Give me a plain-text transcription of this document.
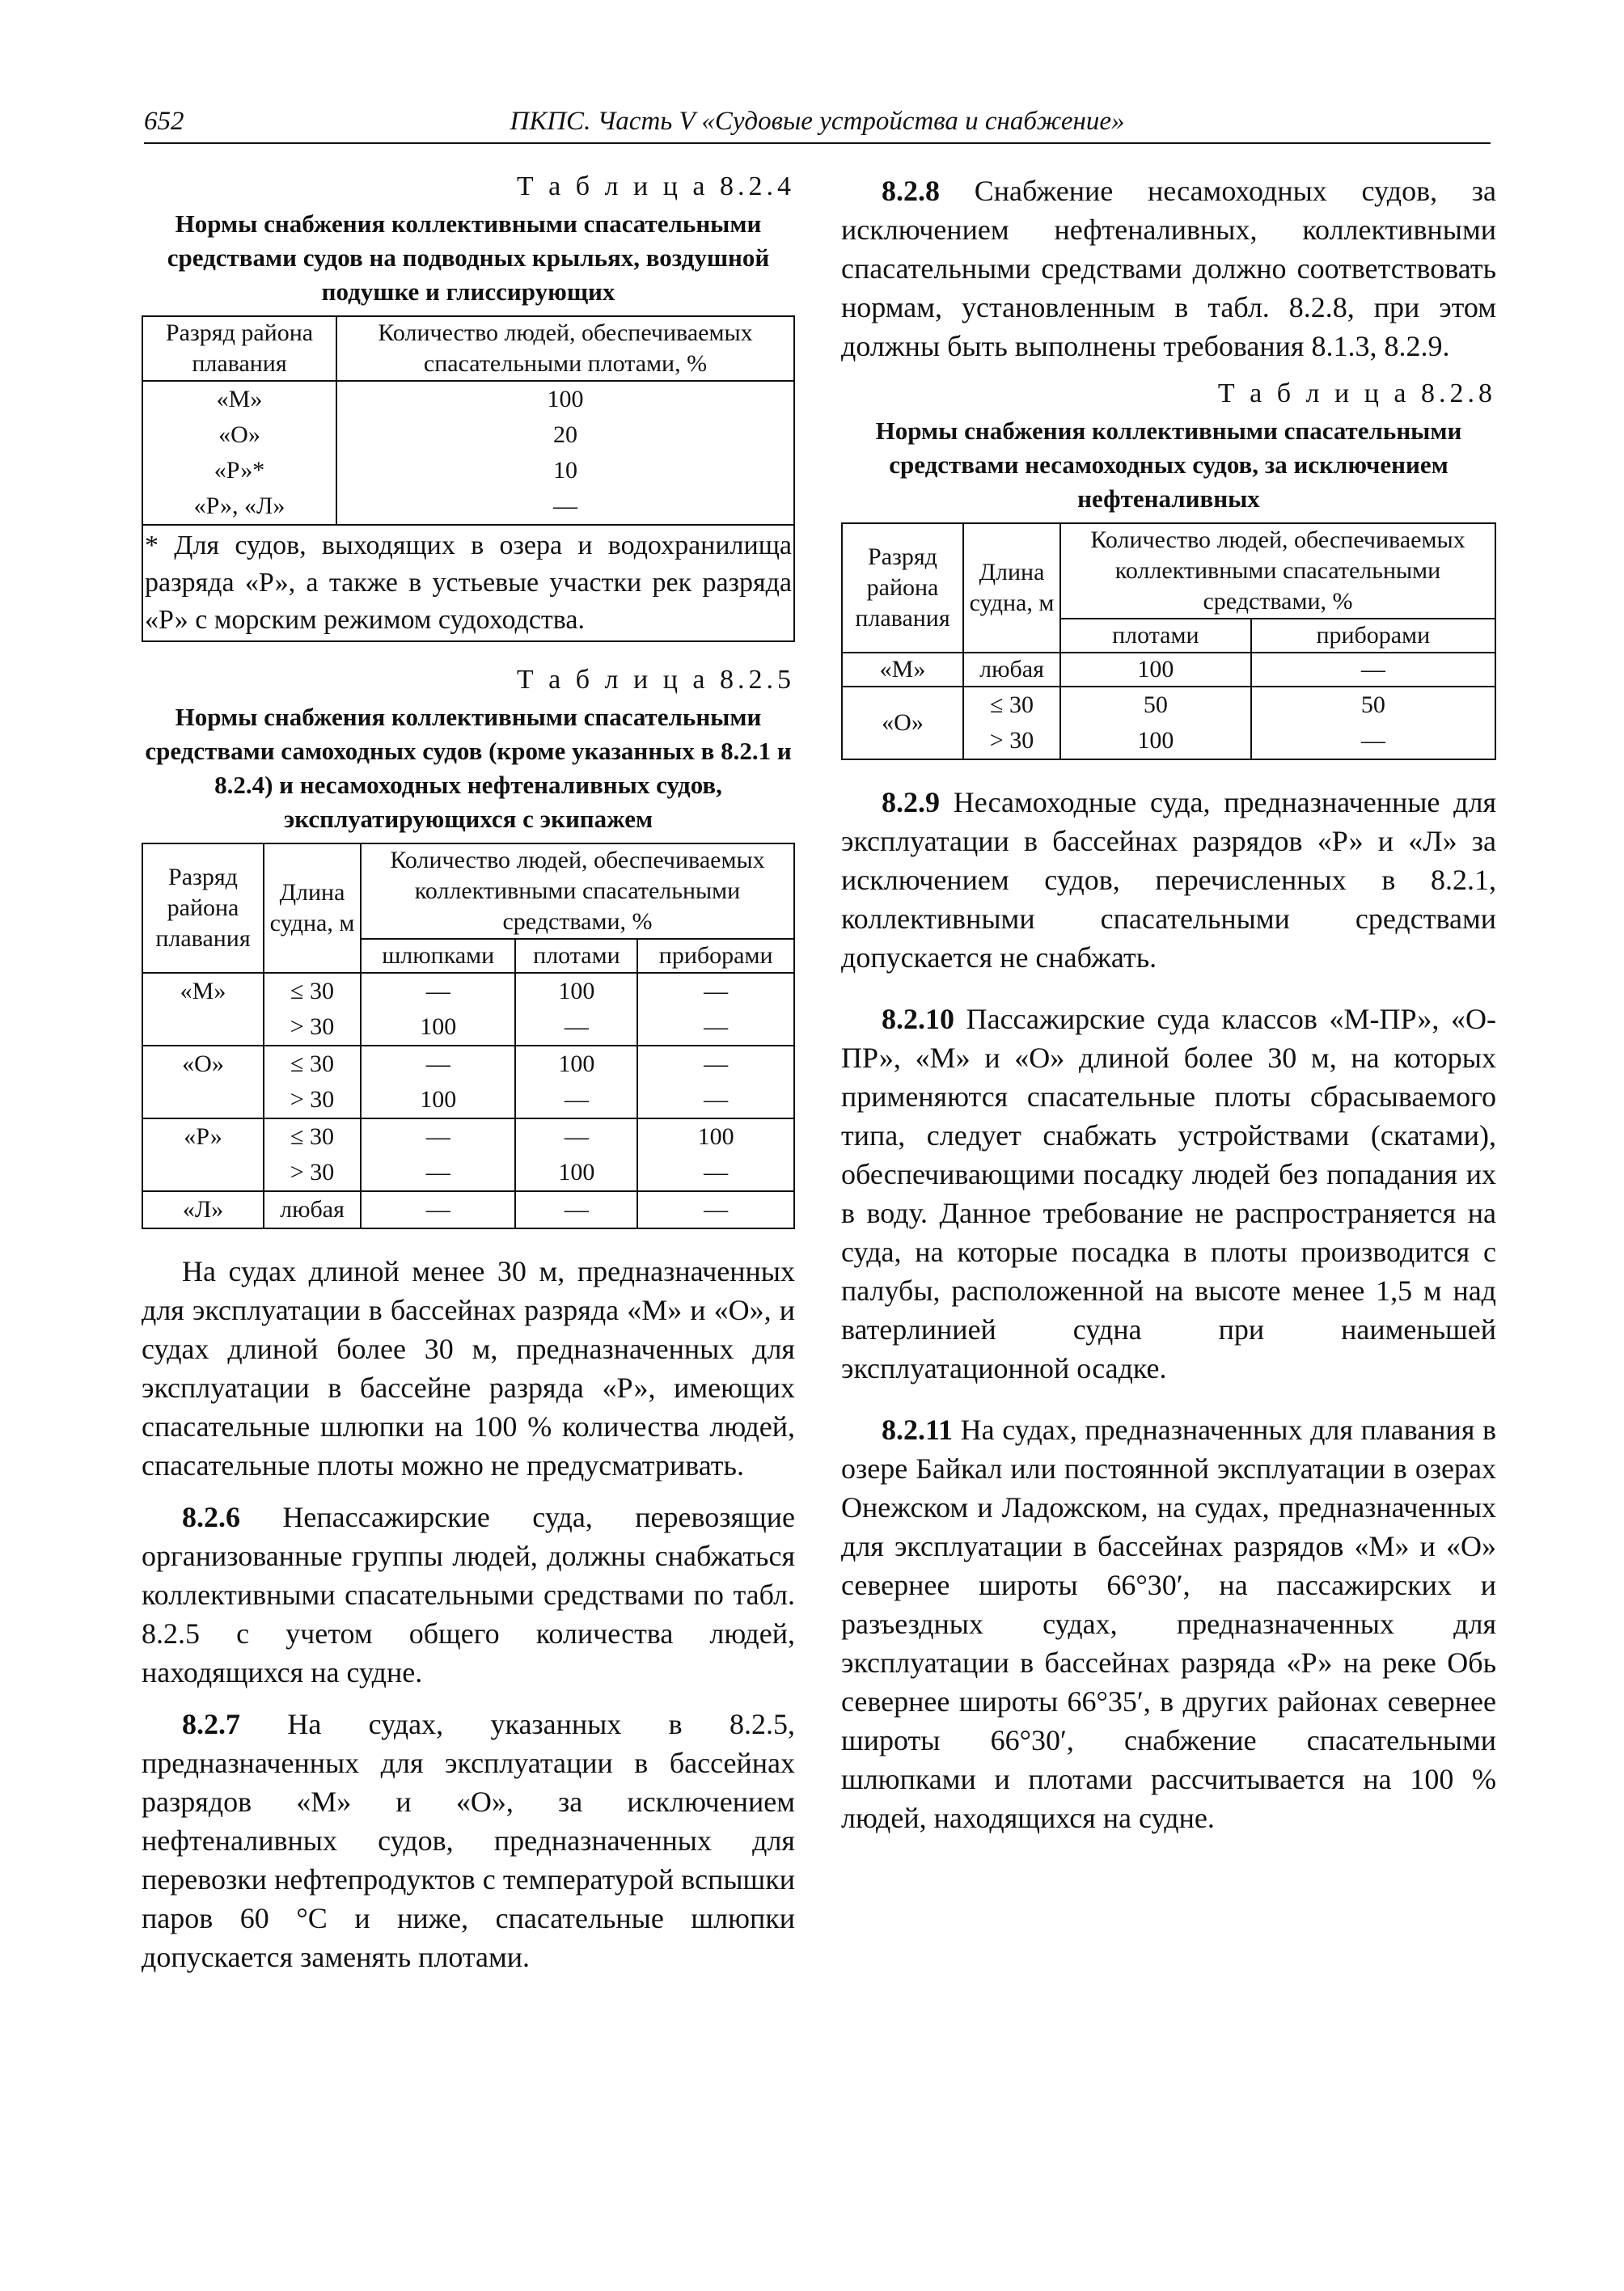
652	ПКПС. Часть V «Судовые устройства и снабжение»
Т а б л и ц а 8.2.4
Нормы снабжения коллективными спасательными средствами судов на подводных крыльях, воздушной подушке и глиссирующих
Разряд района плавания	Количество людей, обеспечиваемых спасательными плотами, %
«М»	100
«О»	20
«Р»*	10
«Р», «Л»	—
* Для судов, выходящих в озера и водохранилища разряда «Р», а также в устьевые участки рек разряда «Р» с морским режимом судоходства.	
Т а б л и ц а 8.2.5
Нормы снабжения коллективными спасательными средствами самоходных судов (кроме указанных в 8.2.1 и 8.2.4) и несамоходных нефтеналивных судов, эксплуатирующихся с экипажем
Разряд района плавания	Длина судна, м	Количество людей, обеспечиваемых коллективными спасательными средствами, %		
		шлюпками	плотами	приборами
«М»	≤ 30	—	100	—
	> 30	100	—	—
«О»	≤ 30	—	100	—
	> 30	100	—	—
«Р»	≤ 30	—	—	100
	> 30	—	100	—
«Л»	любая	—	—	—

На судах длиной менее 30 м, предназначенных для эксплуатации в бассейнах разряда «М» и «О», и судах длиной более 30 м, предназначенных для эксплуатации в бассейне разряда «Р», имеющих спасательные шлюпки на 100 % количества людей, спасательные плоты можно не предусматривать.

8.2.6 Непассажирские суда, перевозящие организованные группы людей, должны снабжаться коллективными спасательными средствами по табл. 8.2.5 с учетом общего количества людей, находящихся на судне.

8.2.7 На судах, указанных в 8.2.5, предназначенных для эксплуатации в бассейнах разрядов «М» и «О», за исключением нефтеналивных судов, предназначенных для перевозки нефтепродуктов с температурой вспышки паров 60 °С и ниже, спасательные шлюпки допускается заменять плотами.

8.2.8 Снабжение несамоходных судов, за исключением нефтеналивных, коллективными спасательными средствами должно соответствовать нормам, установленным в табл. 8.2.8, при этом должны быть выполнены требования 8.1.3, 8.2.9.

Т а б л и ц а 8.2.8
Нормы снабжения коллективными спасательными средствами несамоходных судов, за исключением нефтеналивных
Разряд района плавания	Длина судна, м	Количество людей, обеспечиваемых коллективными спасательными средствами, %	
		плотами	приборами
«М»	любая	100	—
«О»	≤ 30	50	50
	> 30	100	—

8.2.9 Несамоходные суда, предназначенные для эксплуатации в бассейнах разрядов «Р» и «Л» за исключением судов, перечисленных в 8.2.1, коллективными спасательными средствами допускается не снабжать.

8.2.10 Пассажирские суда классов «М-ПР», «О-ПР», «М» и «О» длиной более 30 м, на которых применяются спасательные плоты сбрасываемого типа, следует снабжать устройствами (скатами), обеспечивающими посадку людей без попадания их в воду. Данное требование не распространяется на суда, на которые посадка в плоты производится с палубы, расположенной на высоте менее 1,5 м над ватерлинией судна при наименьшей эксплуатационной осадке.

8.2.11 На судах, предназначенных для плавания в озере Байкал или постоянной эксплуатации в озерах Онежском и Ладожском, на судах, предназначенных для эксплуатации в бассейнах разрядов «М» и «О» севернее широты 66°30′, на пассажирских и разъездных судах, предназначенных для эксплуатации в бассейнах разряда «Р» на реке Обь севернее широты 66°35′, в других районах севернее широты 66°30′, снабжение спасательными шлюпками и плотами рассчитывается на 100 % людей, находящихся на судне.
